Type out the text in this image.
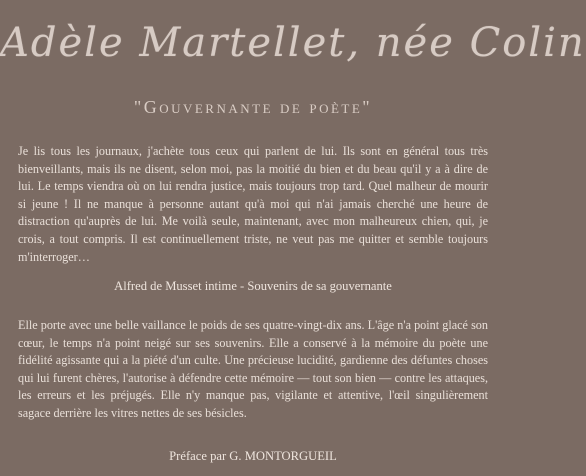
Adèle Martellet, née Colin
"Gouvernante de poète"
Je lis tous les journaux, j'achète tous ceux qui parlent de lui. Ils sont en général tous très bienveillants, mais ils ne disent, selon moi, pas la moitié du bien et du beau qu'il y a à dire de lui. Le temps viendra où on lui rendra justice, mais toujours trop tard. Quel malheur de mourir si jeune ! Il ne manque à personne autant qu'à moi qui n'ai jamais cherché une heure de distraction qu'auprès de lui. Me voilà seule, maintenant, avec mon malheureux chien, qui, je crois, a tout compris. Il est continuellement triste, ne veut pas me quitter et semble toujours m'interroger…
Alfred de Musset intime - Souvenirs de sa gouvernante
Elle porte avec une belle vaillance le poids de ses quatre-vingt-dix ans. L'âge n'a point glacé son cœur, le temps n'a point neigé sur ses souvenirs. Elle a conservé à la mémoire du poète une fidélité agissante qui a la piété d'un culte. Une précieuse lucidité, gardienne des défuntes choses qui lui furent chères, l'autorise à défendre cette mémoire — tout son bien — contre les attaques, les erreurs et les préjugés. Elle n'y manque pas, vigilante et attentive, l'œil singulièrement sagace derrière les vitres nettes de ses bésicles.
Préface par G. MONTORGUEIL
